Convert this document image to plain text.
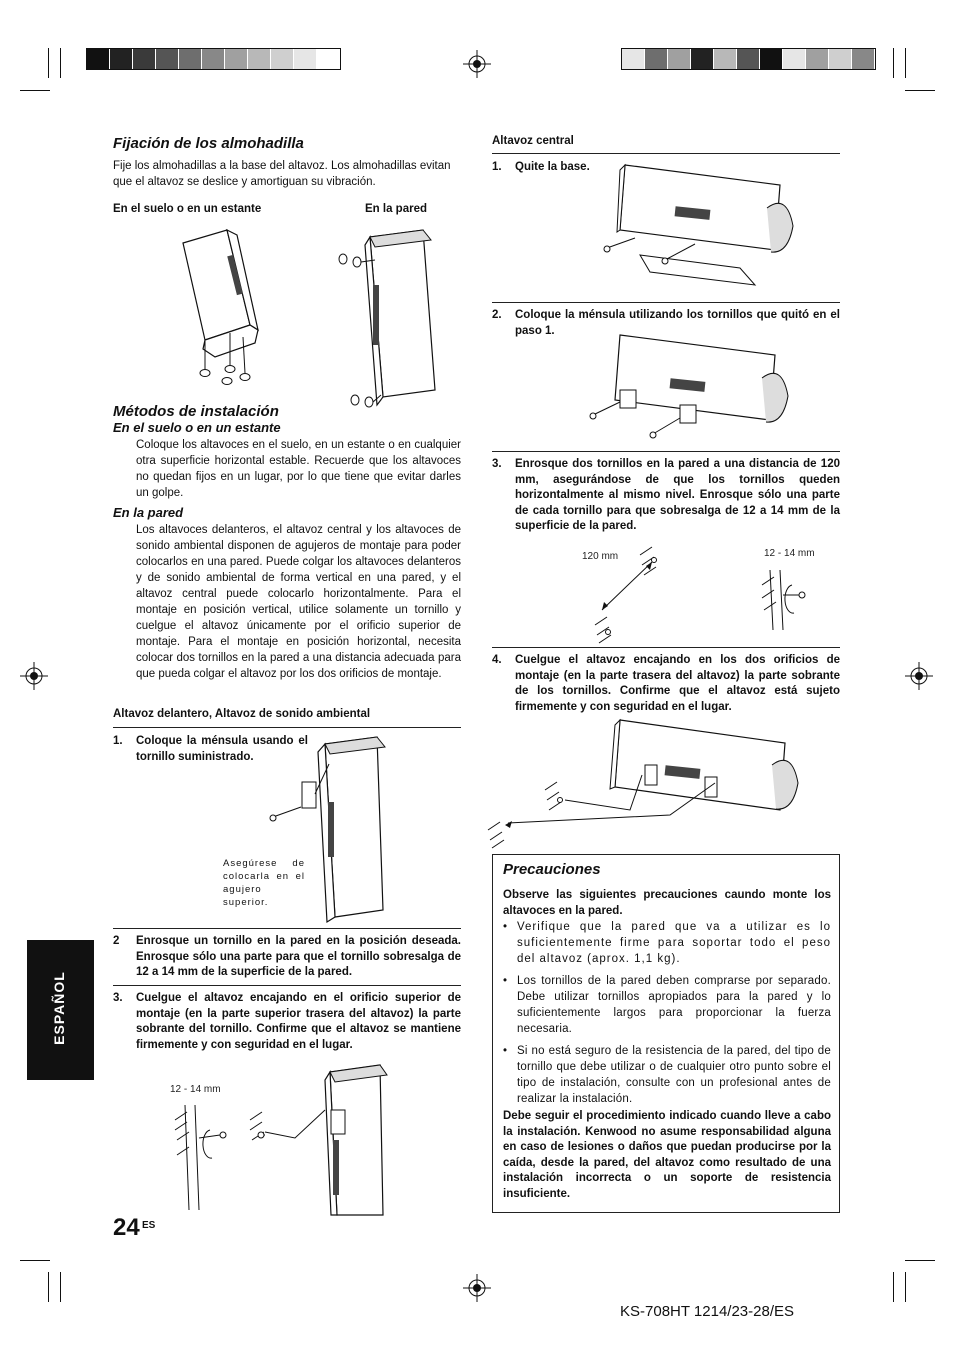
Fijación de los almohadilla
Fije los almohadillas a la base del altavoz. Los almohadillas evitan que el altavoz se deslice y amortiguan su vibración.
En el suelo o en un estante	En la pared
Métodos de instalación
En el suelo o en un estante
Coloque los altavoces en el suelo, en un estante o en cualquier otra superficie horizontal estable. Recuerde que los altavoces no quedan fijos en un lugar, por lo que tiene que evitar darles un golpe.
En la pared
Los altavoces delanteros, el altavoz central y los altavoces de sonido ambiental disponen de agujeros de montaje para poder colocarlos en una pared. Puede colgar los altavoces delanteros y de sonido ambiental de forma vertical en una pared, y el altavoz central puede colocarlo horizontalmente. Para el montaje en posición vertical, utilice solamente un tornillo y cuelgue el altavoz únicamente por el orificio superior de montaje. Para el montaje en posición horizontal, necesita colocar dos tornillos en la pared a una distancia adecuada para que pueda colgar el altavoz por los dos orificios de montaje.
Altavoz delantero, Altavoz de sonido ambiental
1. Coloque la ménsula usando el tornillo suministrado.
Asegúrese de colocarla en el agujero superior.
2 Enrosque un tornillo en la pared en la posición deseada. Enrosque sólo una parte para que el tornillo sobresalga de 12 a 14 mm de la superficie de la pared.
3. Cuelgue el altavoz encajando en el orificio superior de montaje (en la parte superior trasera del altavoz) la parte sobrante del tornillo. Confirme que el altavoz se mantiene firmemente y con seguridad en el lugar.
12 - 14 mm
ESPAÑOL
24 ES
Altavoz central
1. Quite la base.
2. Coloque la ménsula utilizando los tornillos que quitó en el paso 1.
3. Enrosque dos tornillos en la pared a una distancia de 120 mm, asegurándose de que los tornillos queden horizontalmente al mismo nivel. Enrosque sólo una parte de cada tornillo para que sobresalga de 12 a 14 mm de la superficie de la pared.
120 mm	12 - 14 mm
4. Cuelgue el altavoz encajando en los dos orificios de montaje (en la parte trasera del altavoz) la parte sobrante de los tornillos. Confirme que el altavoz está sujeto firmemente y con seguridad en el lugar.
Precauciones
Observe las siguientes precauciones caundo monte los altavoces en la pared.
• Verifique que la pared que va a utilizar es lo suficientemente firme para soportar todo el peso del altavoz (aprox. 1,1 kg).
• Los tornillos de la pared deben comprarse por separado. Debe utilizar tornillos apropiados para la pared y lo suficientemente largos para proporcionar la fuerza necesaria.
• Si no está seguro de la resistencia de la pared, del tipo de tornillo que debe utilizar o de cualquier otro punto sobre el tipo de instalación, consulte con un profesional antes de realizar la instalación.
Debe seguir el procedimiento indicado cuando lleve a cabo la instalación. Kenwood no asume responsabilidad alguna en caso de lesiones o daños que puedan producirse por la caída, desde la pared, del altavoz como resultado de una instalación incorrecta o un soporte de resistencia insuficiente.
KS-708HT 1214/23-28/ES
